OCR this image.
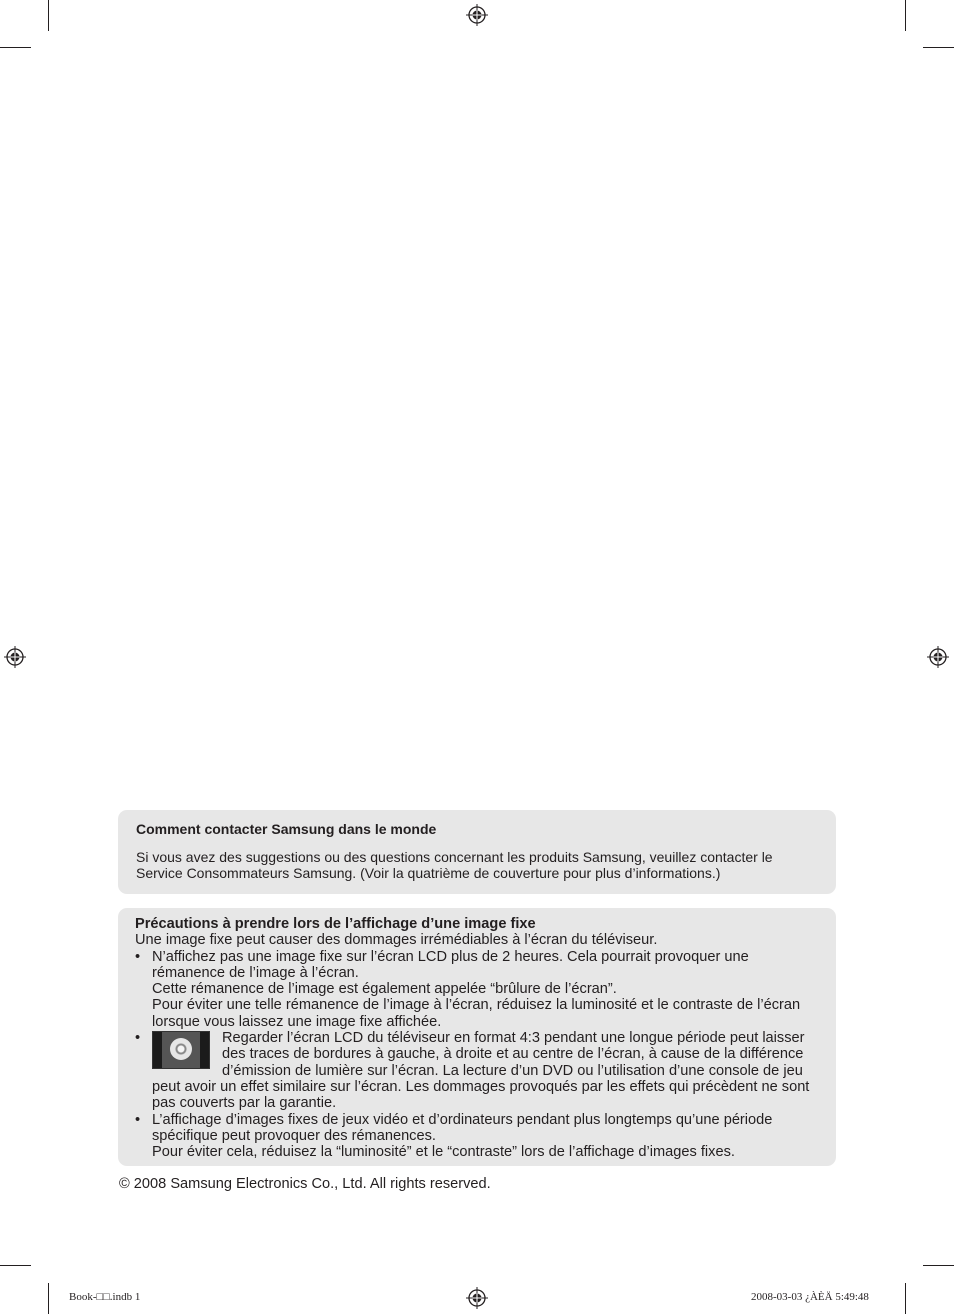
Comment contacter Samsung dans le monde

Si vous avez des suggestions ou des questions concernant les produits Samsung, veuillez contacter le Service Consommateurs Samsung. (Voir la quatrième de couverture pour plus d’informations.)

Précautions à prendre lors de l’affichage d’une image fixe

Une image fixe peut causer des dommages irrémédiables à l’écran du téléviseur.

• N’affichez pas une image fixe sur l’écran LCD plus de 2 heures. Cela pourrait provoquer une rémanence de l’image à l’écran.

Cette rémanence de l’image est également appelée “brûlure de l’écran”.

Pour éviter une telle rémanence de l’image à l’écran, réduisez la luminosité et le contraste de l’écran lorsque vous laissez une image fixe affichée.

•	Regarder l’écran LCD du téléviseur en format 4:3 pendant une longue période peut laisser des traces de bordures à gauche, à droite et au centre de l’écran, à cause de la différence d’émission de lumière sur l’écran. La lecture d’un DVD ou l’utilisation d’une console de jeu peut avoir un effet similaire sur l’écran. Les dommages provoqués par les effets qui précèdent ne sont pas couverts par la garantie.

• L’affichage d’images fixes de jeux vidéo et d’ordinateurs pendant plus longtemps qu’une période spécifique peut provoquer des rémanences.

Pour éviter cela, réduisez la “luminosité” et le “contraste” lors de l’affichage d’images fixes.

© 2008 Samsung Electronics Co., Ltd. All rights reserved.
Book-□□.indb 1	2008-03-03 ¿ÀÈÄ 5:49:48
